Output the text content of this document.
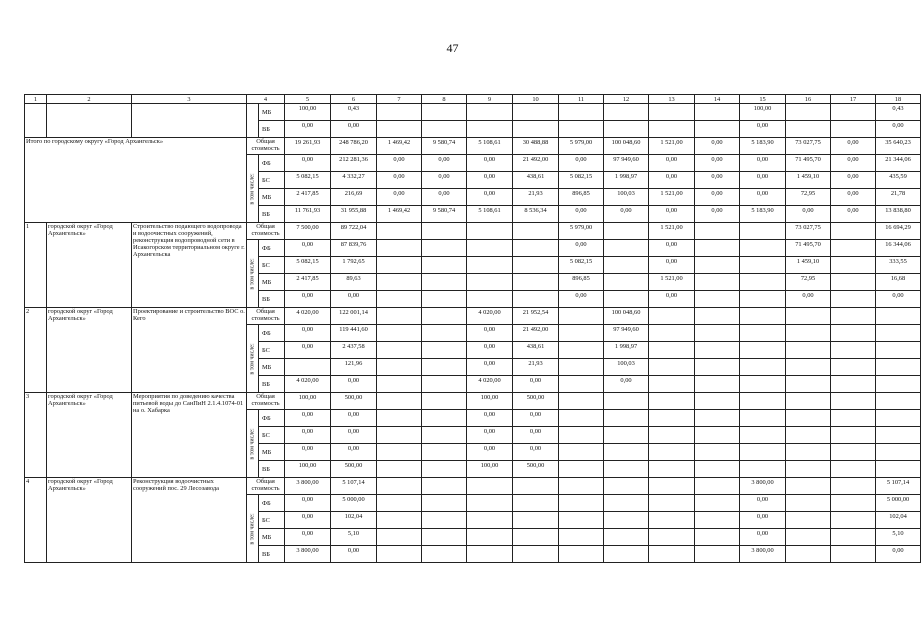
47
1	2	3	4		5	6	7	8	9	10	11	12	13	14	15	16	17	18
				МБ	100,00	0,43									100,00			0,43
				ВБ	0,00	0,00									0,00			0,00
Итого по городскому округу «Город Архангельск»			Общая стоимость		19 261,93	248 786,20	1 469,42	9 580,74	5 108,61	30 488,88	5 979,00	100 048,60	1 521,00	0,00	5 183,90	73 027,75	0,00	35 640,23

			в том числе:	ФБ	0,00	212 281,36	0,00	0,00	0,00	21 492,00	0,00	97 949,60	0,00	0,00	0,00	71 495,70	0,00	21 344,06
				БС	5 082,15	4 332,27	0,00	0,00	0,00	438,61	5 082,15	1 998,97	0,00	0,00	0,00	1 459,10	0,00	435,59
				МБ	2 417,85	216,69	0,00	0,00	0,00	21,93	896,85	100,03	1 521,00	0,00	0,00	72,95	0,00	21,78
				ВБ	11 761,93	31 955,88	1 469,42	9 580,74	5 108,61	8 536,34	0,00	0,00	0,00	0,00	5 183,90	0,00	0,00	13 838,80
1	городской округ «Город Архангельск»	Строительство подающего водопровода и водоочистных сооружений, реконструкция водопроводной сети в Исакогорском территориальном округе г. Архангельска	Общая стоимость		7 500,00	89 722,04					5 979,00		1 521,00			73 027,75		16 694,29

			в том числе:	ФБ	0,00	87 839,76					0,00		0,00			71 495,70		16 344,06
				БС	5 082,15	1 792,65					5 082,15		0,00			1 459,10		333,55
				МБ	2 417,85	89,63					896,85		1 521,00			72,95		16,68
				ВБ	0,00	0,00					0,00		0,00			0,00		0,00
2	городской округ «Город Архангельск»	Проектирование и строительство ВОС о. Кего	Общая стоимость		4 020,00	122 001,14			4 020,00	21 952,54		100 048,60						

			в том числе:	ФБ	0,00	119 441,60			0,00	21 492,00		97 949,60						
				БС	0,00	2 437,58			0,00	438,61		1 998,97						
				МБ		121,96			0,00	21,93		100,03						
				ВБ	4 020,00	0,00			4 020,00	0,00		0,00						
3	городской округ «Город Архангельск»	Мероприятия по доведению качества питьевой воды до СанПиН 2.1.4.1074-01 на о. Хабарка	Общая стоимость		100,00	500,00			100,00	500,00								

			в том числе:	ФБ	0,00	0,00			0,00	0,00								
				БС	0,00	0,00			0,00	0,00								
				МБ	0,00	0,00			0,00	0,00								
				ВБ	100,00	500,00			100,00	500,00								
4	городской округ «Город Архангельск»	Реконструкция водоочистных сооружений пос. 29 Лесозавода	Общая стоимость		3 800,00	5 107,14									3 800,00			5 107,14

			в том числе:	ФБ	0,00	5 000,00									0,00			5 000,00
				БС	0,00	102,04									0,00			102,04
				МБ	0,00	5,10									0,00			5,10
				ВБ	3 800,00	0,00									3 800,00			0,00
